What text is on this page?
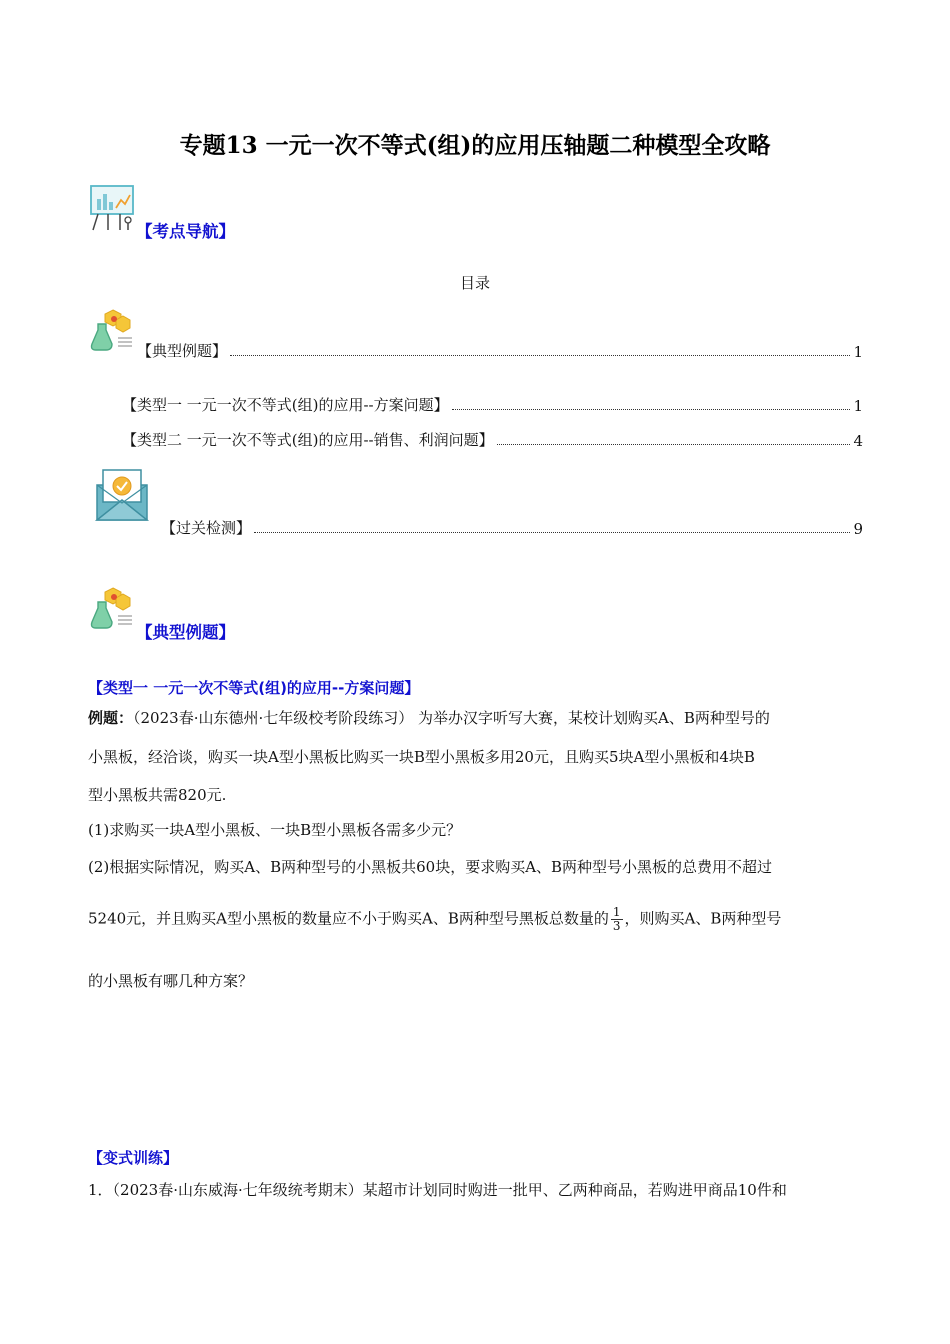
专题13 一元一次不等式(组)的应用压轴题二种模型全攻略
【考点导航】
目录
【典型例题】	1
【类型一 一元一次不等式(组)的应用--方案问题】	1
【类型二 一元一次不等式(组)的应用--销售、利润问题】	4
【过关检测】	9
【典型例题】
【类型一 一元一次不等式(组)的应用--方案问题】
例题：（2023春·山东德州·七年级校考阶段练习） 为举办汉字听写大赛，某校计划购买A、B两种型号的
小黑板，经洽谈，购买一块A型小黑板比购买一块B型小黑板多用20元，且购买5块A型小黑板和4块B
型小黑板共需820元.
(1)求购买一块A型小黑板、一块B型小黑板各需多少元？
(2)根据实际情况，购买A、B两种型号的小黑板共60块，要求购买A、B两种型号小黑板的总费用不超过
5240元，并且购买A型小黑板的数量应不小于购买A、B两种型号黑板总数量的 $\frac{1}{3}$ ，则购买A、B两种型号
的小黑板有哪几种方案？
【变式训练】
1．（2023春·山东威海·七年级统考期末）某超市计划同时购进一批甲、乙两种商品，若购进甲商品10件和
